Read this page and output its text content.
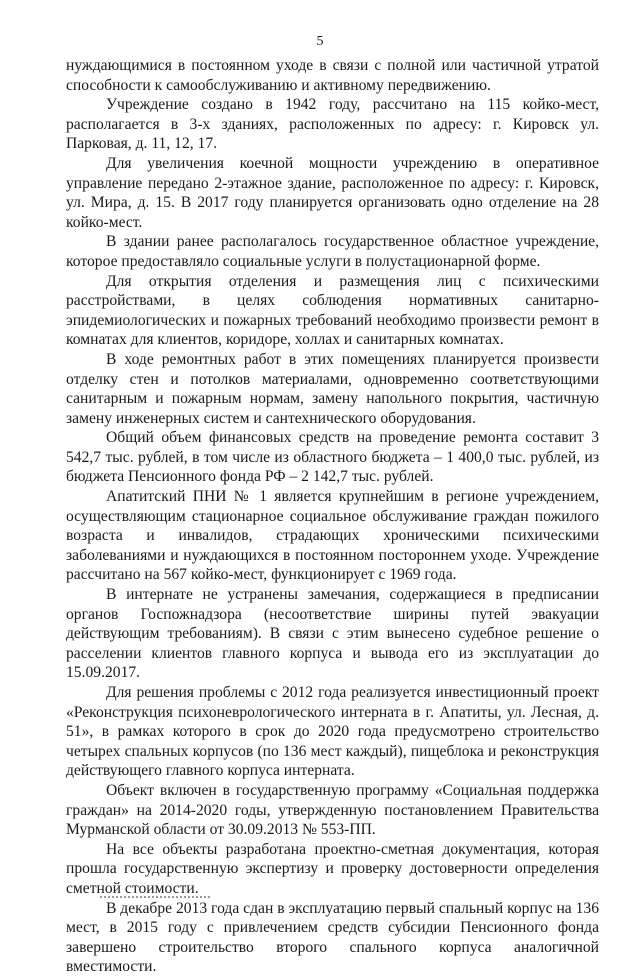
5

нуждающимися в постоянном уходе в связи с полной или частичной утратой способности к самообслуживанию и активному передвижению.

Учреждение создано в 1942 году, рассчитано на 115 койко-мест, располагается в 3-х зданиях, расположенных по адресу: г. Кировск ул. Парковая, д. 11, 12, 17.

Для увеличения коечной мощности учреждению в оперативное управление передано 2-этажное здание, расположенное по адресу: г. Кировск, ул. Мира, д. 15. В 2017 году планируется организовать одно отделение на 28 койко-мест.

В здании ранее располагалось государственное областное учреждение, которое предоставляло социальные услуги в полустационарной форме.

Для открытия отделения и размещения лиц с психическими расстройствами, в целях соблюдения нормативных санитарно-эпидемиологических и пожарных требований необходимо произвести ремонт в комнатах для клиентов, коридоре, холлах и санитарных комнатах.

В ходе ремонтных работ в этих помещениях планируется произвести отделку стен и потолков материалами, одновременно соответствующими санитарным и пожарным нормам, замену напольного покрытия, частичную замену инженерных систем и сантехнического оборудования.

Общий объем финансовых средств на проведение ремонта составит 3 542,7 тыс. рублей, в том числе из областного бюджета – 1 400,0 тыс. рублей, из бюджета Пенсионного фонда РФ – 2 142,7 тыс. рублей.

Апатитский ПНИ № 1 является крупнейшим в регионе учреждением, осуществляющим стационарное социальное обслуживание граждан пожилого возраста и инвалидов, страдающих хроническими психическими заболеваниями и нуждающихся в постоянном постороннем уходе. Учреждение рассчитано на 567 койко-мест, функционирует с 1969 года.

В интернате не устранены замечания, содержащиеся в предписании органов Госпожнадзора (несоответствие ширины путей эвакуации действующим требованиям). В связи с этим вынесено судебное решение о расселении клиентов главного корпуса и вывода его из эксплуатации до 15.09.2017.

Для решения проблемы с 2012 года реализуется инвестиционный проект «Реконструкция психоневрологического интерната в г. Апатиты, ул. Лесная, д. 51», в рамках которого в срок до 2020 года предусмотрено строительство четырех спальных корпусов (по 136 мест каждый), пищеблока и реконструкция действующего главного корпуса интерната.

Объект включен в государственную программу «Социальная поддержка граждан» на 2014-2020 годы, утвержденную постановлением Правительства Мурманской области от 30.09.2013 № 553-ПП.

На все объекты разработана проектно-сметная документация, которая прошла государственную экспертизу и проверку достоверности определения сметной стоимости.

В декабре 2013 года сдан в эксплуатацию первый спальный корпус на 136 мест, в 2015 году с привлечением средств субсидии Пенсионного фонда завершено строительство второго спального корпуса аналогичной вместимости.
